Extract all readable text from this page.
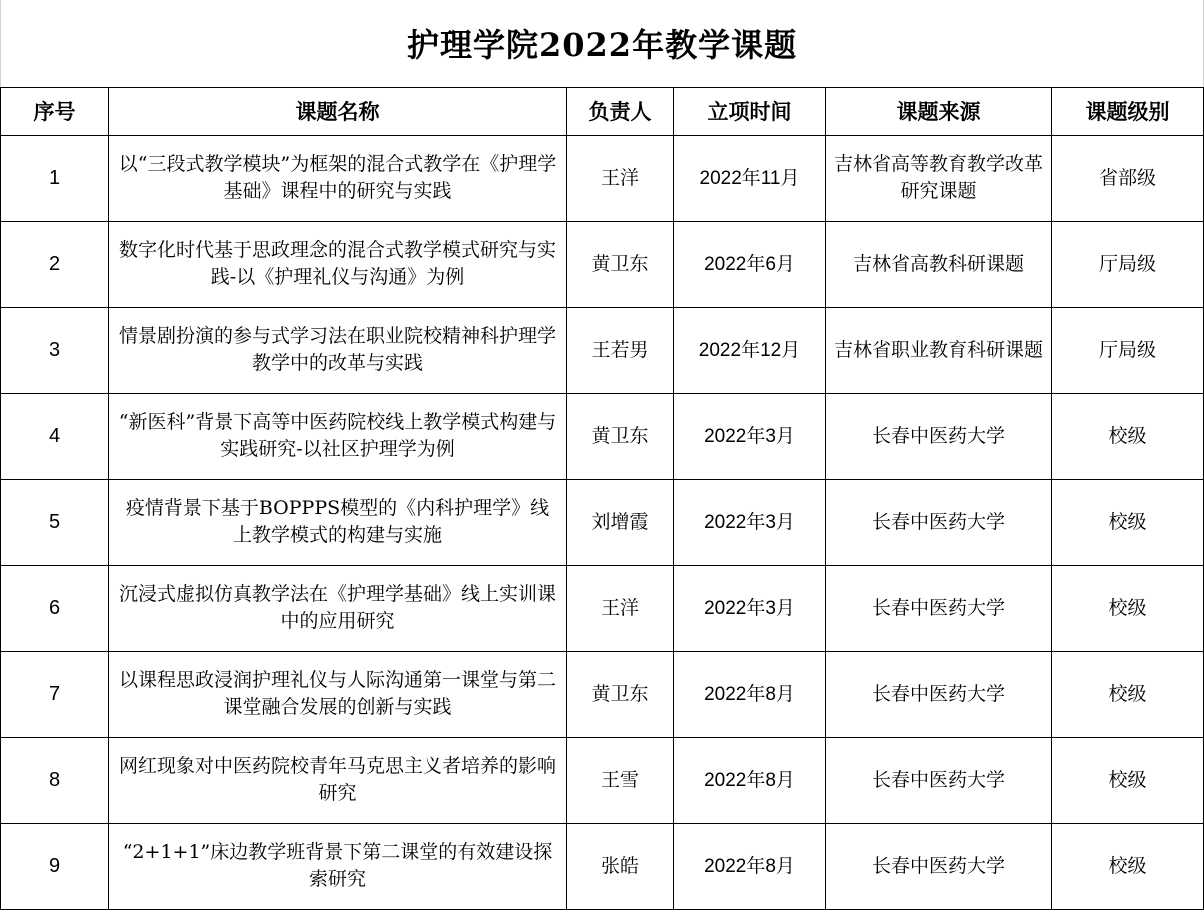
护理学院2022年教学课题					
序号	课题名称	负责人	立项时间	课题来源	课题级别
1	以“三段式教学模块”为框架的混合式教学在《护理学基础》课程中的研究与实践	王洋	2022年11月	吉林省高等教育教学改革研究课题	省部级
2	数字化时代基于思政理念的混合式教学模式研究与实践-以《护理礼仪与沟通》为例	黄卫东	2022年6月	吉林省高教科研课题	厅局级
3	情景剧扮演的参与式学习法在职业院校精神科护理学教学中的改革与实践	王若男	2022年12月	吉林省职业教育科研课题	厅局级
4	“新医科”背景下高等中医药院校线上教学模式构建与实践研究-以社区护理学为例	黄卫东	2022年3月	长春中医药大学	校级
5	疫情背景下基于BOPPPS模型的《内科护理学》线上教学模式的构建与实施	刘增霞	2022年3月	长春中医药大学	校级
6	沉浸式虚拟仿真教学法在《护理学基础》线上实训课中的应用研究	王洋	2022年3月	长春中医药大学	校级
7	以课程思政浸润护理礼仪与人际沟通第一课堂与第二课堂融合发展的创新与实践	黄卫东	2022年8月	长春中医药大学	校级
8	网红现象对中医药院校青年马克思主义者培养的影响研究	王雪	2022年8月	长春中医药大学	校级
9	“2+1+1”床边教学班背景下第二课堂的有效建设探索研究	张皓	2022年8月	长春中医药大学	校级
